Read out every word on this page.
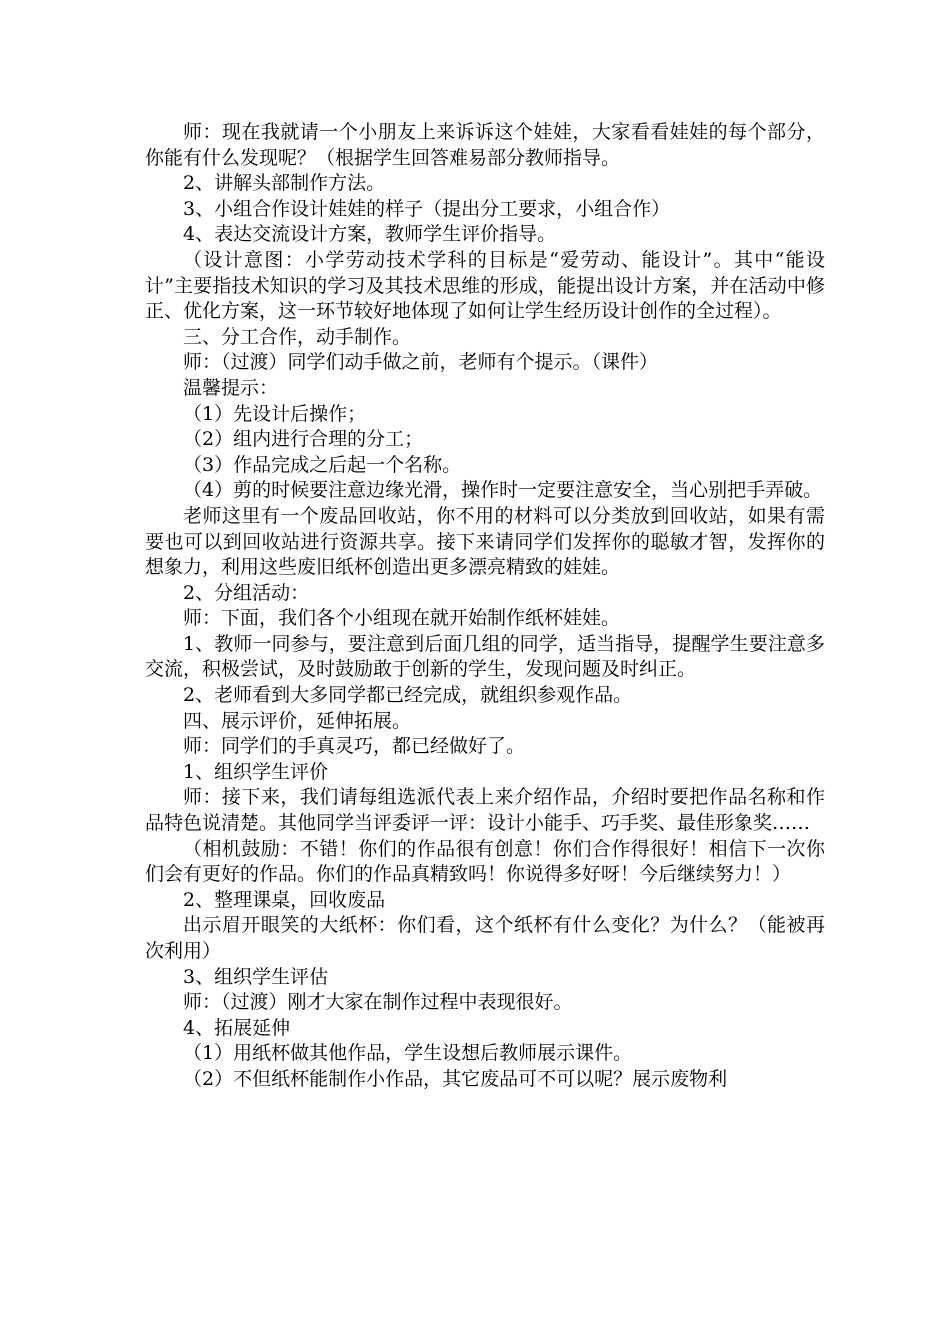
师：现在我就请一个小朋友上来诉诉这个娃娃，大家看看娃娃的每个部分，你能有什么发现呢？（根据学生回答难易部分教师指导。

2、讲解头部制作方法。

3、小组合作设计娃娃的样子（提出分工要求，小组合作）

4、表达交流设计方案，教师学生评价指导。

（设计意图：小学劳动技术学科的目标是“爱劳动、能设计”。其中“能设计”主要指技术知识的学习及其技术思维的形成，能提出设计方案，并在活动中修正、优化方案，这一环节较好地体现了如何让学生经历设计创作的全过程）。

三、分工合作，动手制作。

师：（过渡）同学们动手做之前，老师有个提示。（课件）

温馨提示：

（1）先设计后操作；

（2）组内进行合理的分工；

（3）作品完成之后起一个名称。

（4）剪的时候要注意边缘光滑，操作时一定要注意安全，当心别把手弄破。

老师这里有一个废品回收站，你不用的材料可以分类放到回收站，如果有需要也可以到回收站进行资源共享。接下来请同学们发挥你的聪敏才智，发挥你的想象力，利用这些废旧纸杯创造出更多漂亮精致的娃娃。

2、分组活动：

师：下面，我们各个小组现在就开始制作纸杯娃娃。

1、教师一同参与，要注意到后面几组的同学，适当指导，提醒学生要注意多交流，积极尝试，及时鼓励敢于创新的学生，发现问题及时纠正。

2、老师看到大多同学都已经完成，就组织参观作品。

四、展示评价，延伸拓展。

师：同学们的手真灵巧，都已经做好了。

1、组织学生评价

师：接下来，我们请每组选派代表上来介绍作品，介绍时要把作品名称和作品特色说清楚。其他同学当评委评一评：设计小能手、巧手奖、最佳形象奖……

（相机鼓励：不错！你们的作品很有创意！你们合作得很好！相信下一次你们会有更好的作品。你们的作品真精致吗！你说得多好呀！今后继续努力！）

2、整理课桌，回收废品

出示眉开眼笑的大纸杯：你们看，这个纸杯有什么变化？为什么？（能被再次利用）

3、组织学生评估

师：（过渡）刚才大家在制作过程中表现很好。

4、拓展延伸

（1）用纸杯做其他作品，学生设想后教师展示课件。

（2）不但纸杯能制作小作品，其它废品可不可以呢？展示废物利
